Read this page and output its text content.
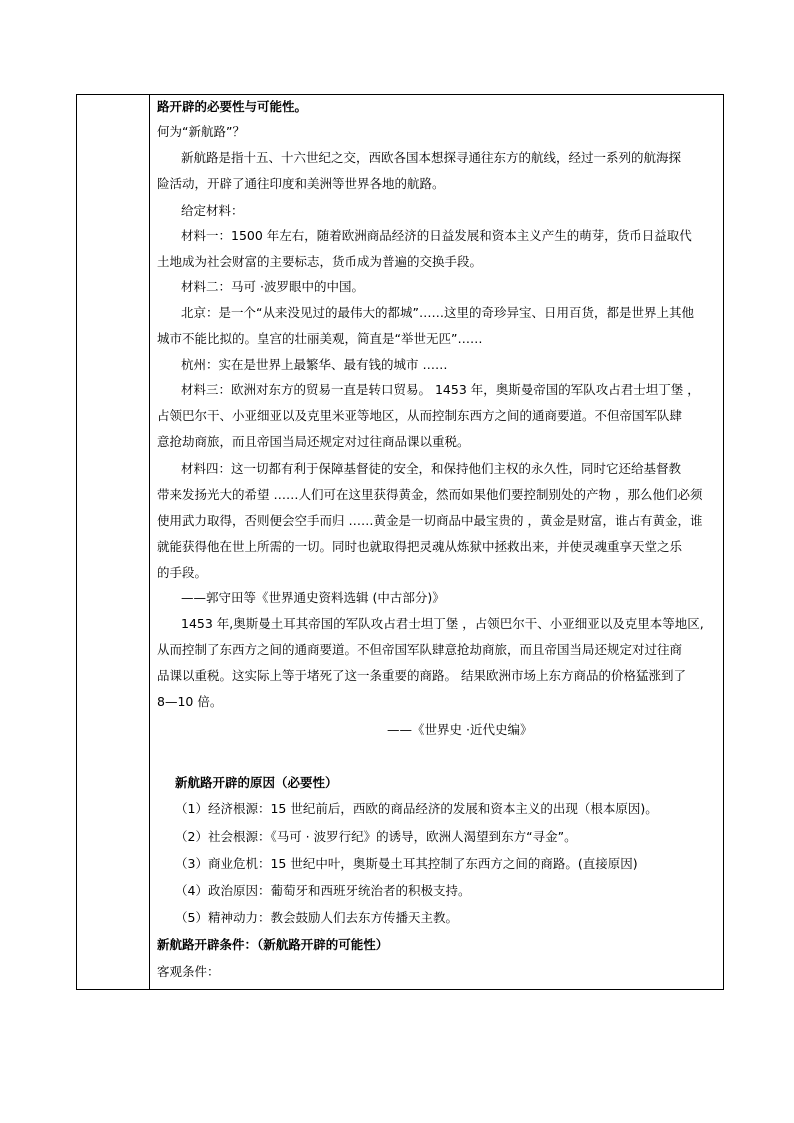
路开辟的必要性与可能性。
何为“新航路”？
新航路是指十五、十六世纪之交，西欧各国本想探寻通往东方的航线，经过一系列的航海探
险活动，开辟了通往印度和美洲等世界各地的航路。
给定材料：
材料一：1500 年左右，随着欧洲商品经济的日益发展和资本主义产生的萌芽，货币日益取代
土地成为社会财富的主要标志，货币成为普遍的交换手段。
材料二：马可 ·波罗眼中的中国。
北京：是一个“从来没见过的最伟大的都城”……这里的奇珍异宝、日用百货，都是世界上其他
城市不能比拟的。皇宫的壮丽美观，简直是“举世无匹”……
杭州：实在是世界上最繁华、最有钱的城市 ……
材料三：欧洲对东方的贸易一直是转口贸易。 1453 年，奥斯曼帝国的军队攻占君士坦丁堡 ，
占领巴尔干、小亚细亚以及克里米亚等地区，从而控制东西方之间的通商要道。不但帝国军队肆
意抢劫商旅，而且帝国当局还规定对过往商品课以重税。
材料四：这一切都有利于保障基督徒的安全，和保持他们主权的永久性，同时它还给基督教
带来发扬光大的希望 ……人们可在这里获得黄金，然而如果他们要控制别处的产物 ，那么他们必须
使用武力取得，否则便会空手而归 ……黄金是一切商品中最宝贵的 ，黄金是财富，谁占有黄金，谁
就能获得他在世上所需的一切。同时也就取得把灵魂从炼狱中拯救出来，并使灵魂重享天堂之乐
的手段。
——郭守田等《世界通史资料选辑 (中古部分)》
1453 年,奥斯曼土耳其帝国的军队攻占君士坦丁堡 ，占领巴尔干、小亚细亚以及克里本等地区,
从而控制了东西方之间的通商要道。不但帝国军队肆意抢劫商旅，而且帝国当局还规定对过往商
品课以重税。这实际上等于堵死了这一条重要的商路。 结果欧洲市场上东方商品的价格猛涨到了
8—10 倍。
——《世界史 ·近代史编》
新航路开辟的原因（必要性）
（1）经济根源：15 世纪前后，西欧的商品经济的发展和资本主义的出现（根本原因)。
（2）社会根源：《马可 · 波罗行纪》的诱导，欧洲人渴望到东方“寻金”。
（3）商业危机：15 世纪中叶，奥斯曼土耳其控制了东西方之间的商路。(直接原因)
（4）政治原因：葡萄牙和西班牙统治者的积极支持。
（5）精神动力：教会鼓励人们去东方传播天主教。
新航路开辟条件：（新航路开辟的可能性）
客观条件：
